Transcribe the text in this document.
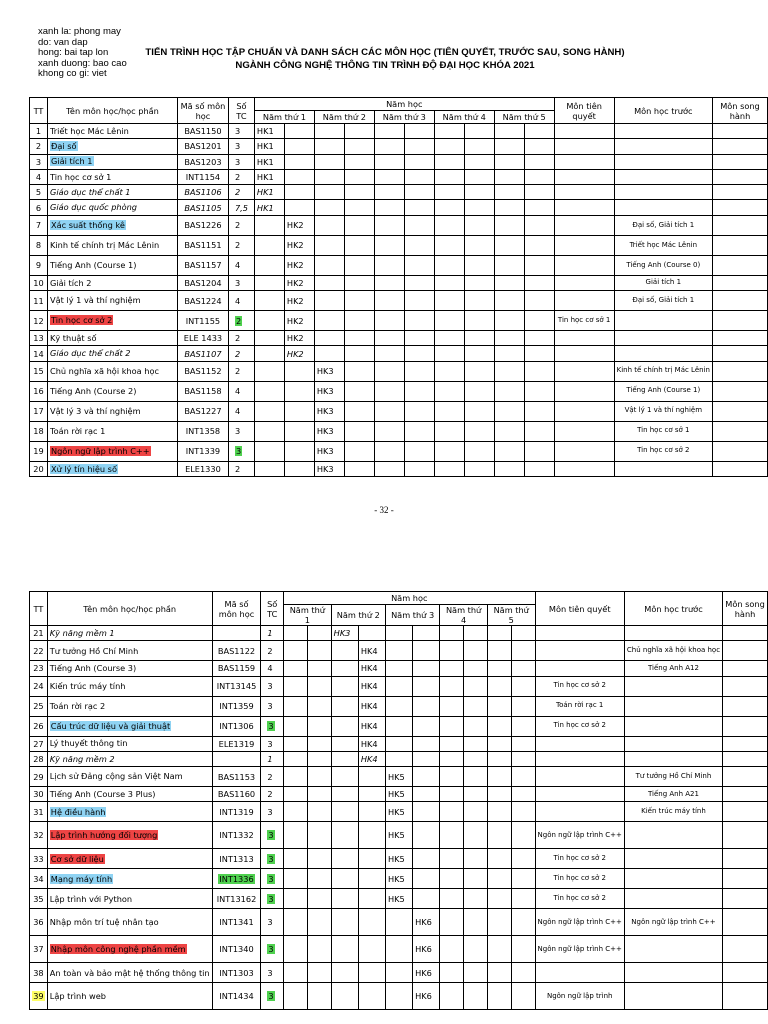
xanh la: phong may
do: van dap
hong: bai tap lon
xanh duong: bao cao
khong co gi: viet
TIẾN TRÌNH HỌC TẬP CHUẨN VÀ DANH SÁCH CÁC MÔN HỌC (TIÊN QUYẾT, TRƯỚC SAU, SONG HÀNH)
NGÀNH CÔNG NGHỆ THÔNG TIN TRÌNH ĐỘ ĐẠI HỌC KHÓA 2021
TT	Tên môn học/học phần	Mã số môn học	Số TC	Năm học										Môn tiên quyết	Môn học trước	Môn song hành
				Năm thứ 1		Năm thứ 2		Năm thứ 3		Năm thứ 4		Năm thứ 5				
1	Triết học Mác Lênin	BAS1150	3	HK1												
2	Đại số	BAS1201	3	HK1												
3	Giải tích 1	BAS1203	3	HK1												
4	Tin học cơ sở 1	INT1154	2	HK1												
5	Giáo dục thể chất 1	BAS1106	2	HK1												
6	Giáo dục quốc phòng	BAS1105	7,5	HK1												
7	Xác suất thống kê	BAS1226	2		HK2										Đại số, Giải tích 1	
8	Kinh tế chính trị Mác Lênin	BAS1151	2		HK2										Triết học Mác Lênin	
9	Tiếng Anh (Course 1)	BAS1157	4		HK2										Tiếng Anh (Course 0)	
10	Giải tích 2	BAS1204	3		HK2										Giải tích 1	
11	Vật lý 1 và thí nghiệm	BAS1224	4		HK2										Đại số, Giải tích 1	
12	Tin học cơ sở 2	INT1155	2		HK2									Tin học cơ sở 1		
13	Kỹ thuật số	ELE 1433	2		HK2											
14	Giáo dục thể chất 2	BAS1107	2		HK2											
15	Chủ nghĩa xã hội khoa học	BAS1152	2			HK3									Kinh tế chính trị Mác Lênin	
16	Tiếng Anh (Course 2)	BAS1158	4			HK3									Tiếng Anh (Course 1)	
17	Vật lý 3 và thí nghiệm	BAS1227	4			HK3									Vật lý 1 và thí nghiệm	
18	Toán rời rạc 1	INT1358	3			HK3									Tin học cơ sở 1	
19	Ngôn ngữ lập trình C++	INT1339	3			HK3									Tin học cơ sở 2	
20	Xử lý tín hiệu số	ELE1330	2			HK3										
- 32 -
TT	Tên môn học/học phần	Mã số môn học	Số TC	Năm học										Môn tiên quyết	Môn học trước	Môn song hành
				Năm thứ 1		Năm thứ 2		Năm thứ 3		Năm thứ 4		Năm thứ 5				
21	Kỹ năng mềm 1		1			HK3										
22	Tư tưởng Hồ Chí Minh	BAS1122	2				HK4								Chủ nghĩa xã hội khoa học	
23	Tiếng Anh (Course 3)	BAS1159	4				HK4								Tiếng Anh A12	
24	Kiến trúc máy tính	INT13145	3				HK4							Tin học cơ sở 2		
25	Toán rời rạc 2	INT1359	3				HK4							Toán rời rạc 1		
26	Cấu trúc dữ liệu và giải thuật	INT1306	3				HK4							Tin học cơ sở 2		
27	Lý thuyết thông tin	ELE1319	3				HK4									
28	Kỹ năng mềm 2		1				HK4									
29	Lịch sử Đảng cộng sản Việt Nam	BAS1153	2					HK5							Tư tưởng Hồ Chí Minh	
30	Tiếng Anh (Course 3 Plus)	BAS1160	2					HK5							Tiếng Anh A21	
31	Hệ điều hành	INT1319	3					HK5							Kiến trúc máy tính	
32	Lập trình hướng đối tượng	INT1332	3					HK5						Ngôn ngữ lập trình C++		
33	Cơ sở dữ liệu	INT1313	3					HK5						Tin học cơ sở 2		
34	Mạng máy tính	INT1336	3					HK5						Tin học cơ sở 2		
35	Lập trình với Python	INT13162	3					HK5						Tin học cơ sở 2		
36	Nhập môn trí tuệ nhân tạo	INT1341	3						HK6					Ngôn ngữ lập trình C++	Ngôn ngữ lập trình C++	
37	Nhập môn công nghệ phần mềm	INT1340	3						HK6					Ngôn ngữ lập trình C++		
38	An toàn và bảo mật hệ thống thông tin	INT1303	3						HK6							
39	Lập trình web	INT1434	3						HK6					Ngôn ngữ lập trình		
